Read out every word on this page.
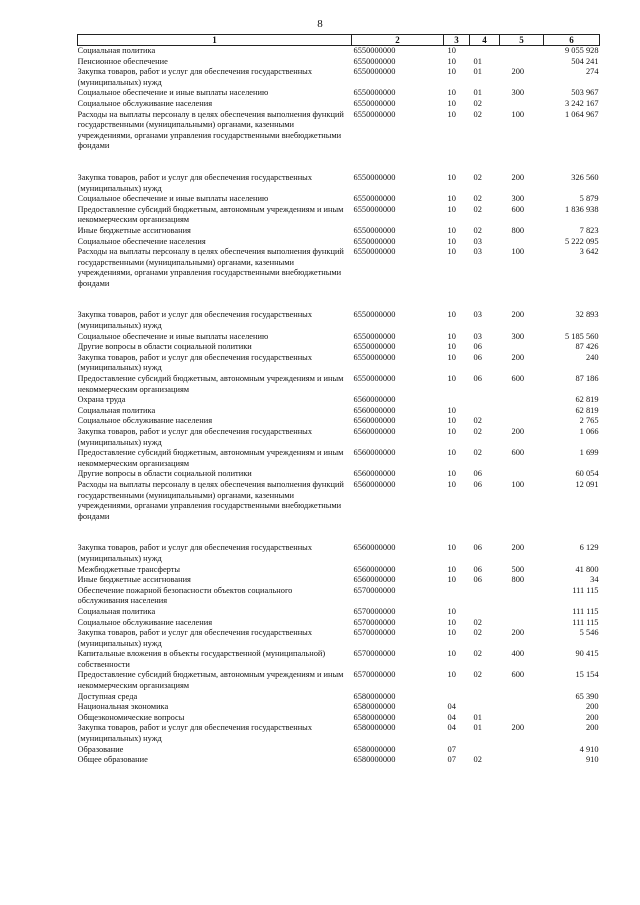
8
1	2	3	4	5	6
Социальная политика	6550000000	10			9 055 928
Пенсионное обеспечение	6550000000	10	01		504 241
Закупка товаров, работ и услуг для обеспечения государственных (муниципальных) нужд	6550000000	10	01	200	274
Социальное обеспечение и иные выплаты населению	6550000000	10	01	300	503 967
Социальное обслуживание населения	6550000000	10	02		3 242 167
Расходы на выплаты персоналу в целях обеспечения выполнения функций государственными (муниципальными) органами, казенными учреждениями, органами управления государственными внебюджетными фондами	6550000000	10	02	100	1 064 967

Закупка товаров, работ и услуг для обеспечения государственных (муниципальных) нужд	6550000000	10	02	200	326 560
Социальное обеспечение и иные выплаты населению	6550000000	10	02	300	5 879
Предоставление субсидий бюджетным, автономным учреждениям и иным некоммерческим организациям	6550000000	10	02	600	1 836 938
Иные бюджетные ассигнования	6550000000	10	02	800	7 823
Социальное обеспечение населения	6550000000	10	03		5 222 095
Расходы на выплаты персоналу в целях обеспечения выполнения функций государственными (муниципальными) органами, казенными учреждениями, органами управления государственными внебюджетными фондами	6550000000	10	03	100	3 642

Закупка товаров, работ и услуг для обеспечения государственных (муниципальных) нужд	6550000000	10	03	200	32 893
Социальное обеспечение и иные выплаты населению	6550000000	10	03	300	5 185 560
Другие вопросы в области социальной политики	6550000000	10	06		87 426
Закупка товаров, работ и услуг для обеспечения государственных (муниципальных) нужд	6550000000	10	06	200	240
Предоставление субсидий бюджетным, автономным учреждениям и иным некоммерческим организациям	6550000000	10	06	600	87 186
Охрана труда	6560000000				62 819
Социальная политика	6560000000	10			62 819
Социальное обслуживание населения	6560000000	10	02		2 765
Закупка товаров, работ и услуг для обеспечения государственных (муниципальных) нужд	6560000000	10	02	200	1 066
Предоставление субсидий бюджетным, автономным учреждениям и иным некоммерческим организациям	6560000000	10	02	600	1 699
Другие вопросы в области социальной политики	6560000000	10	06		60 054
Расходы на выплаты персоналу в целях обеспечения выполнения функций государственными (муниципальными) органами, казенными учреждениями, органами управления государственными внебюджетными фондами	6560000000	10	06	100	12 091

Закупка товаров, работ и услуг для обеспечения государственных (муниципальных) нужд	6560000000	10	06	200	6 129
Межбюджетные трансферты	6560000000	10	06	500	41 800
Иные бюджетные ассигнования	6560000000	10	06	800	34
Обеспечение пожарной безопасности объектов социального обслуживания населения	6570000000				111 115
Социальная политика	6570000000	10			111 115
Социальное обслуживание населения	6570000000	10	02		111 115
Закупка товаров, работ и услуг для обеспечения государственных (муниципальных) нужд	6570000000	10	02	200	5 546
Капитальные вложения в объекты государственной (муниципальной) собственности	6570000000	10	02	400	90 415
Предоставление субсидий бюджетным, автономным учреждениям и иным некоммерческим организациям	6570000000	10	02	600	15 154
Доступная среда	6580000000				65 390
Национальная экономика	6580000000	04			200
Общеэкономические вопросы	6580000000	04	01		200
Закупка товаров, работ и услуг для обеспечения государственных (муниципальных) нужд	6580000000	04	01	200	200
Образование	6580000000	07			4 910
Общее образование	6580000000	07	02		910
